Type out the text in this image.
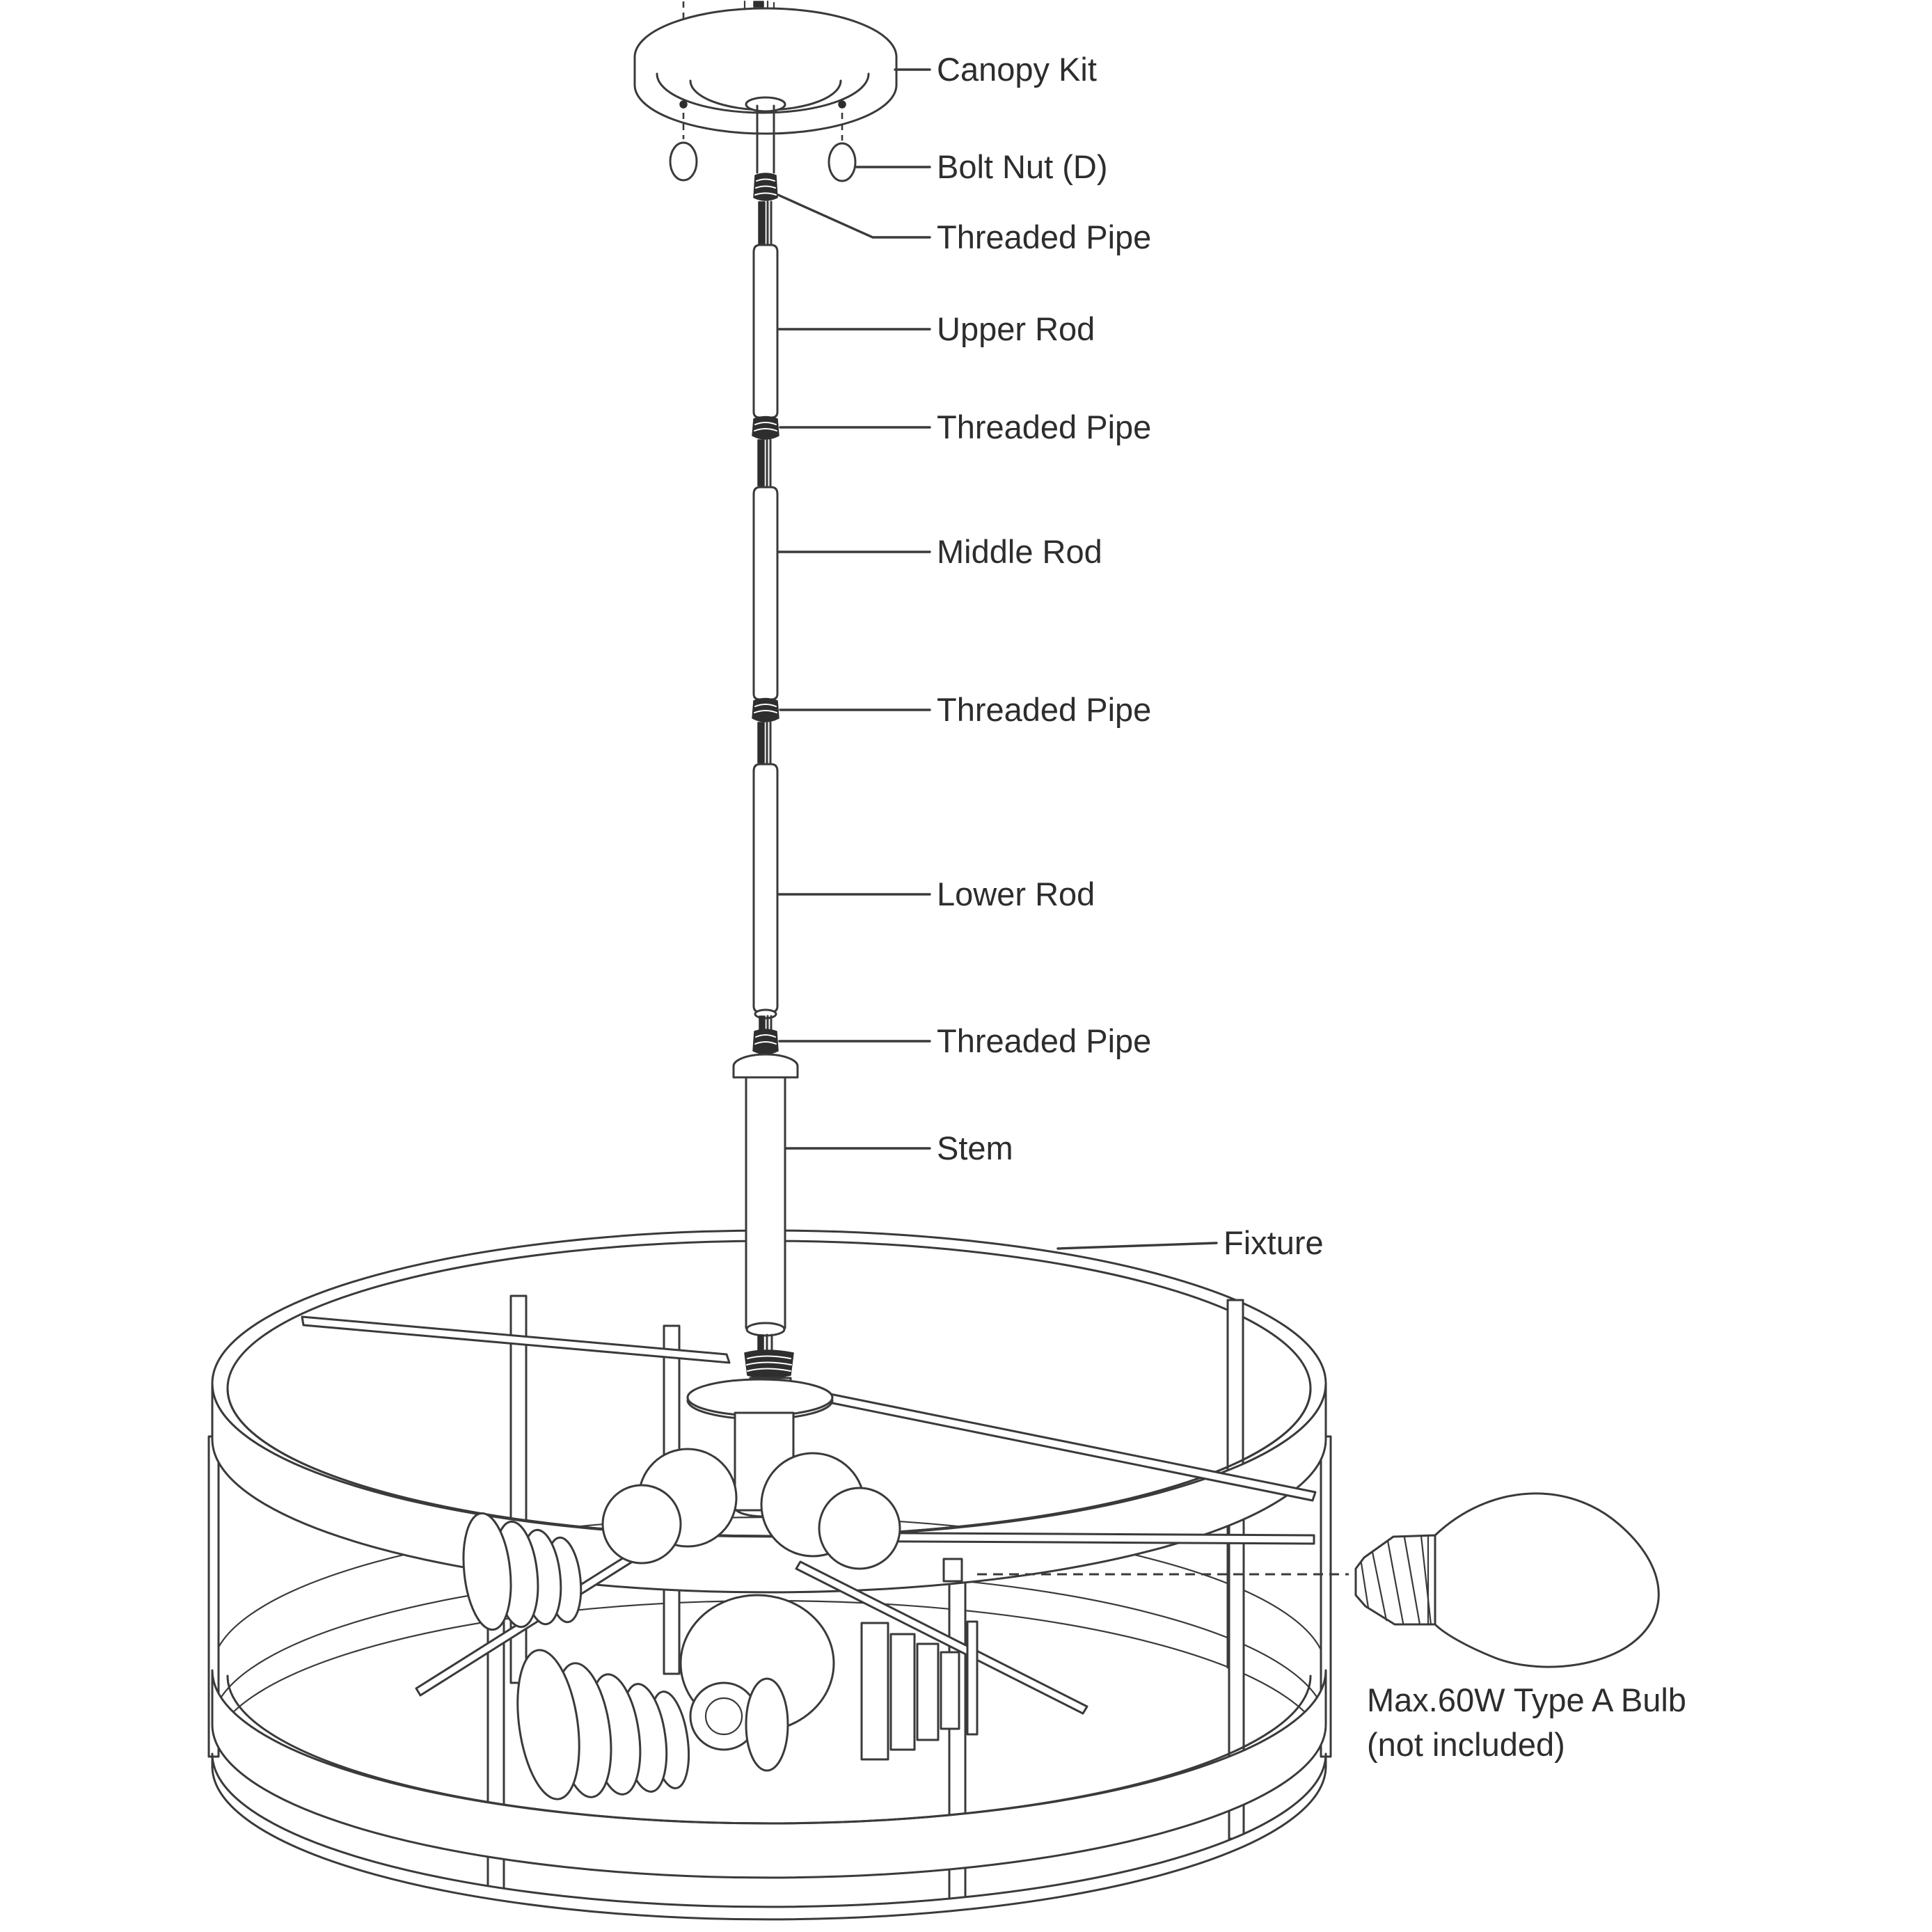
Canopy Kit
Bolt Nut (D)
Threaded Pipe
Upper Rod
Threaded Pipe
Middle Rod
Threaded Pipe
Lower Rod
Threaded Pipe
Stem
Fixture
Max.60W Type A Bulb
(not included)
